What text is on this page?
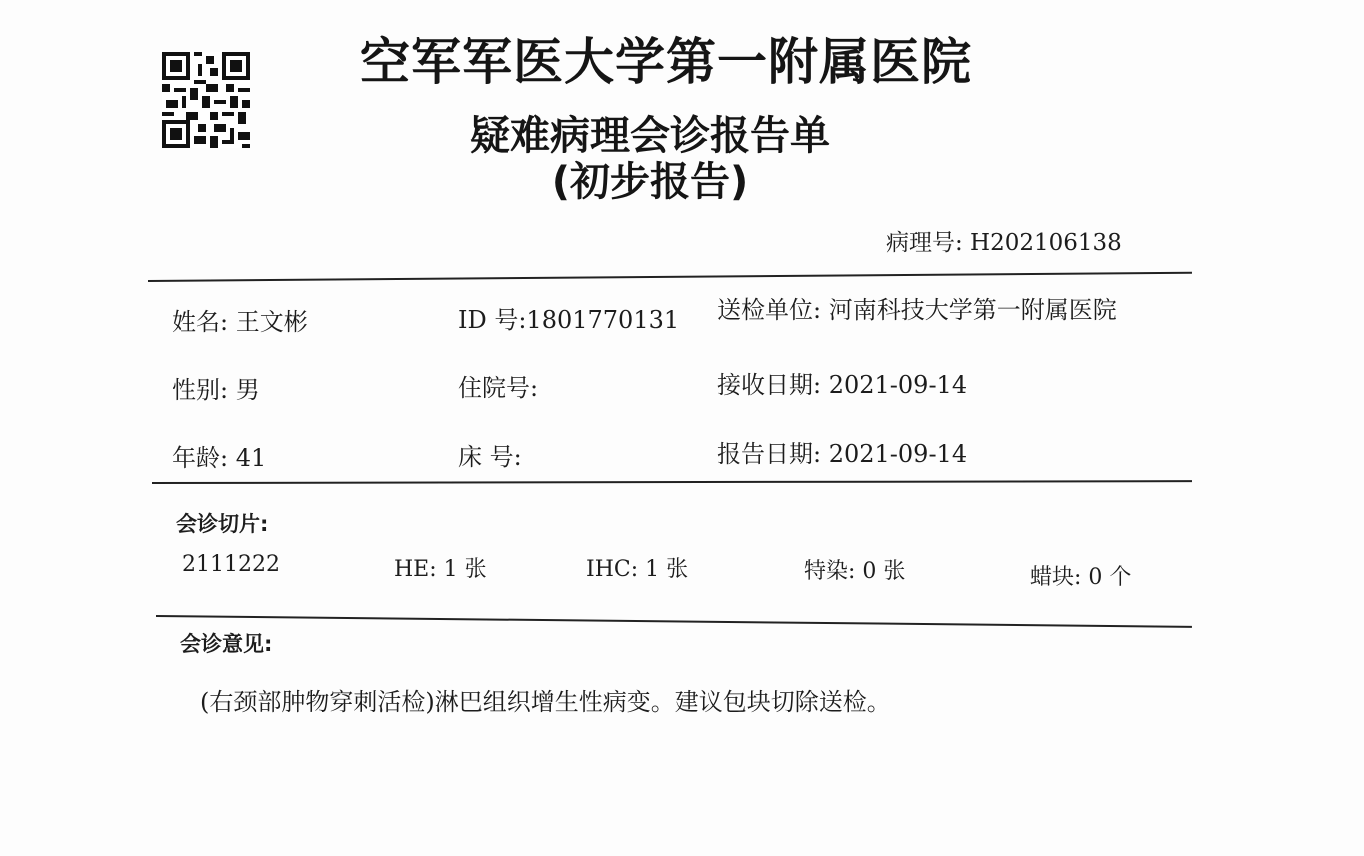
空军军医大学第一附属医院
疑难病理会诊报告单
(初步报告)
病理号: H202106138
姓名: 王文彬	ID 号:1801770131 送检单位: 河南科技大学第一附属医院
性别: 男	住院号:	接收日期: 2021-09-14
年龄: 41	床 号:	报告日期: 2021-09-14
会诊切片:
2111222	HE: 1 张	IHC: 1 张	特染: 0 张	蜡块: 0 个
会诊意见:
(右颈部肿物穿刺活检)淋巴组织增生性病变。建议包块切除送检。
